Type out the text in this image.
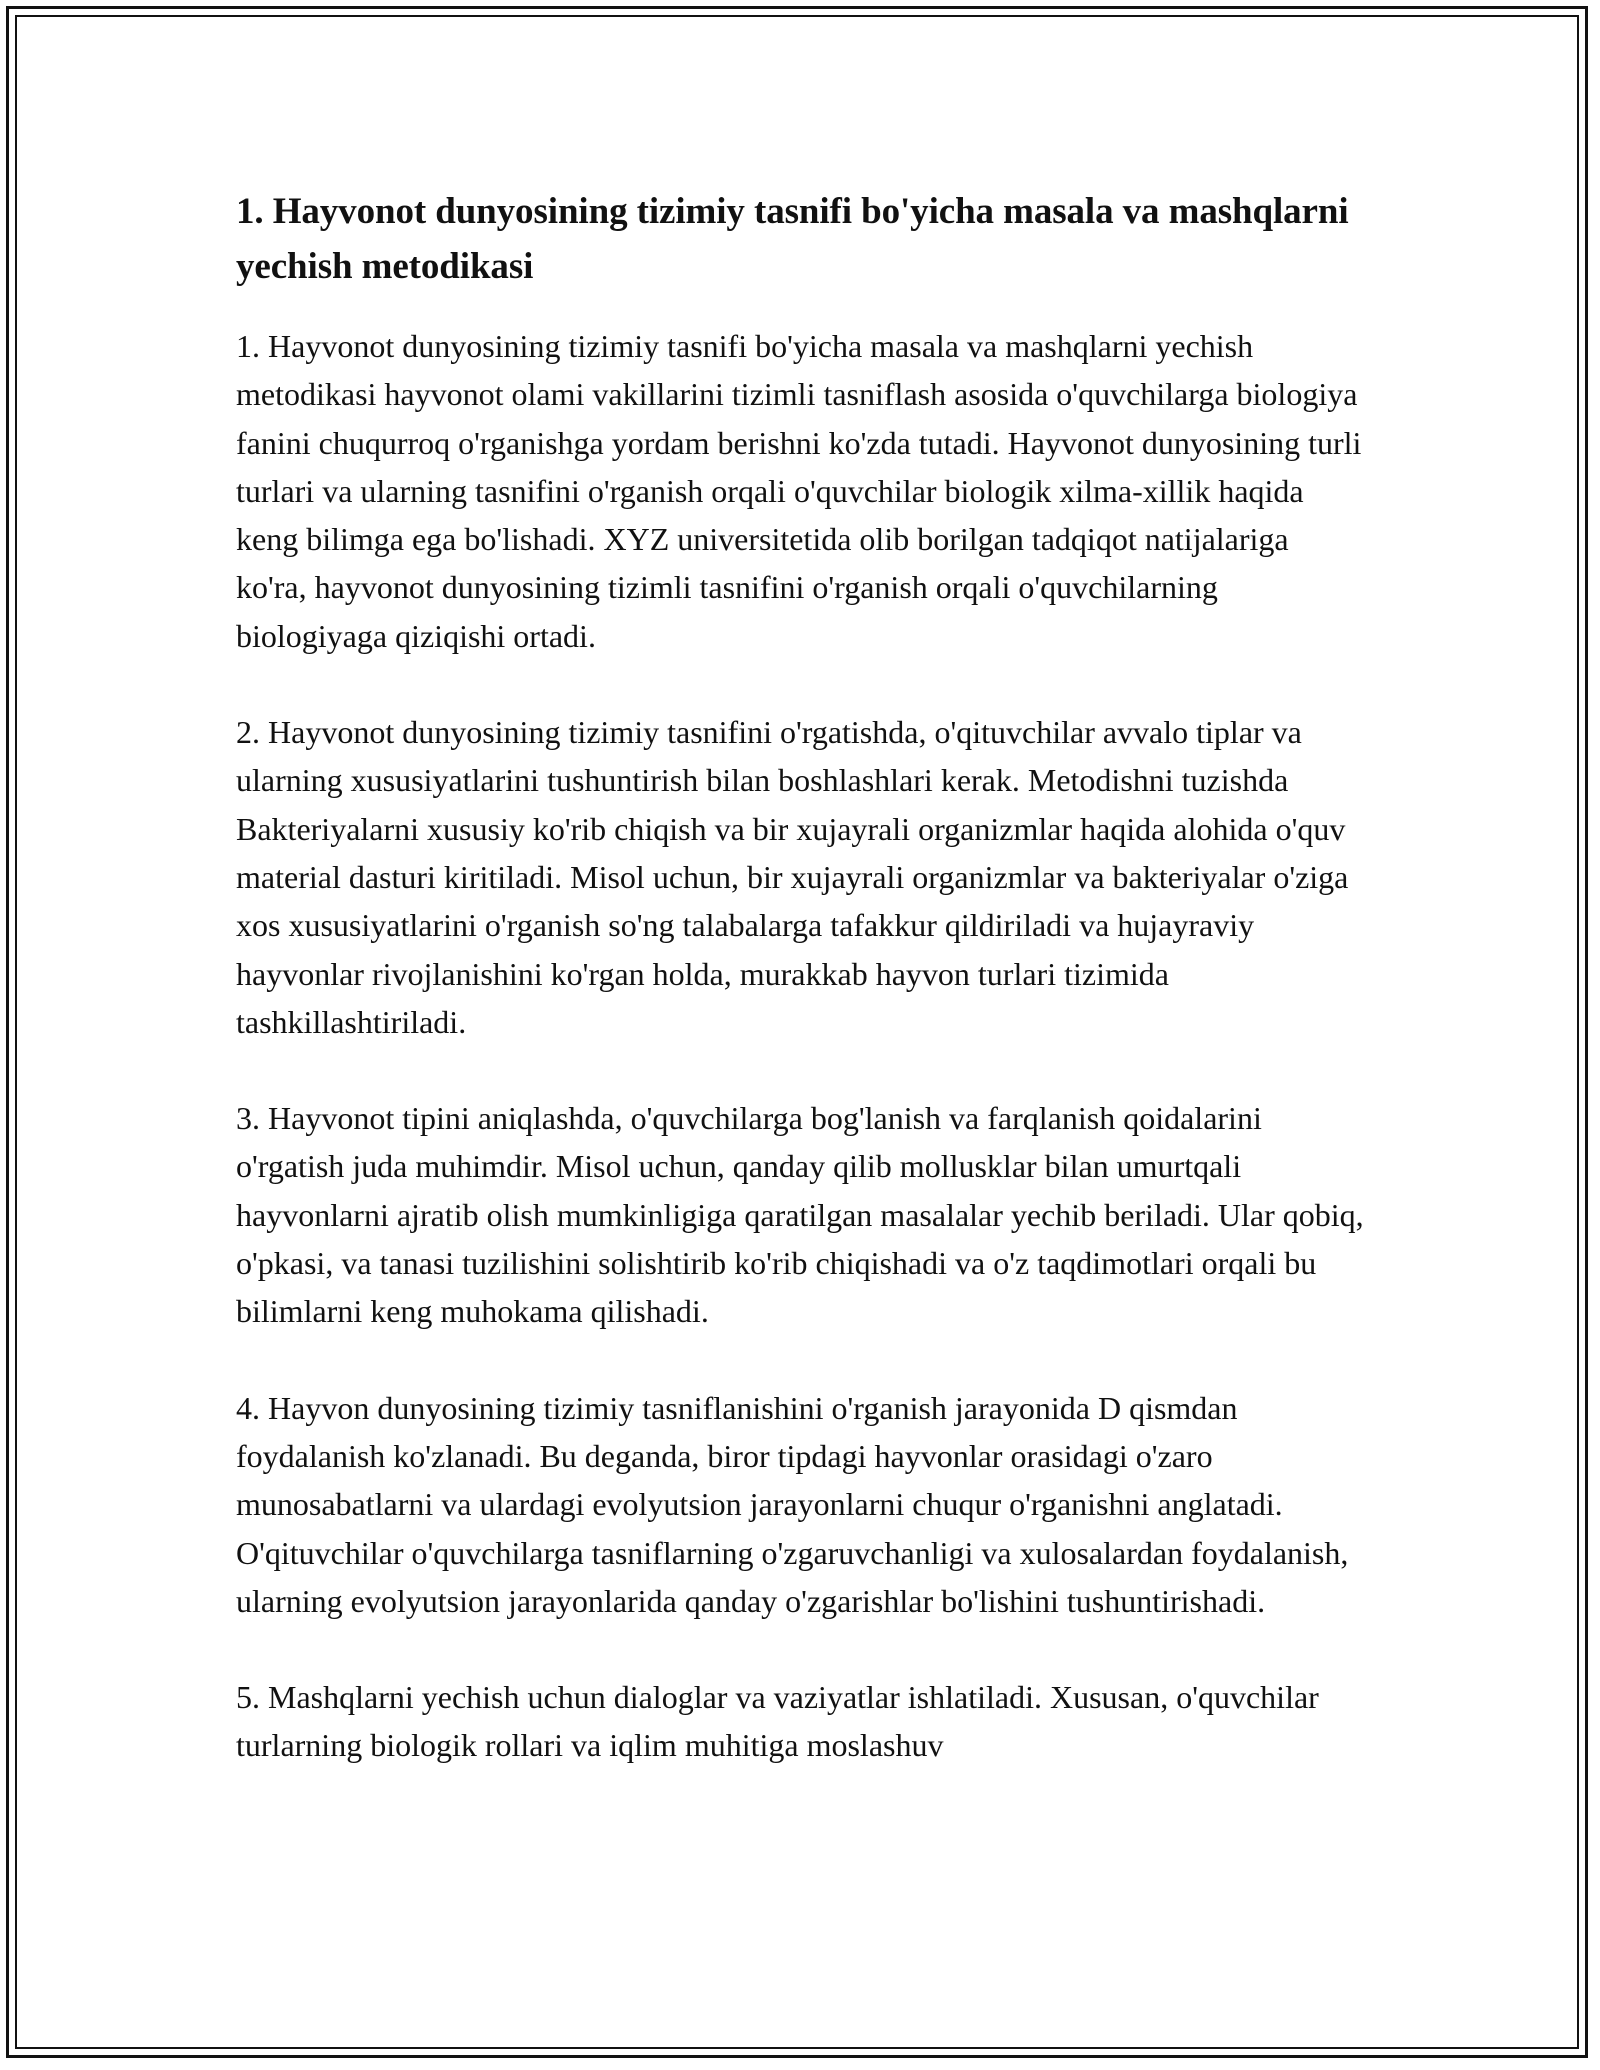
1. Hayvonot dunyosining tizimiy tasnifi bo'yicha masala va mashqlarni yechish metodikasi

1. Hayvonot dunyosining tizimiy tasnifi bo'yicha masala va mashqlarni yechish metodikasi hayvonot olami vakillarini tizimli tasniflash asosida o'quvchilarga biologiya fanini chuqurroq o'rganishga yordam berishni ko'zda tutadi. Hayvonot dunyosining turli turlari va ularning tasnifini o'rganish orqali o'quvchilar biologik xilma-xillik haqida keng bilimga ega bo'lishadi. XYZ universitetida olib borilgan tadqiqot natijalariga ko'ra, hayvonot dunyosining tizimli tasnifini o'rganish orqali o'quvchilarning biologiyaga qiziqishi ortadi.

2. Hayvonot dunyosining tizimiy tasnifini o'rgatishda, o'qituvchilar avvalo tiplar va ularning xususiyatlarini tushuntirish bilan boshlashlari kerak. Metodishni tuzishda Bakteriyalarni xususiy ko'rib chiqish va bir xujayrali organizmlar haqida alohida o'quv material dasturi kiritiladi. Misol uchun, bir xujayrali organizmlar va bakteriyalar o'ziga xos xususiyatlarini o'rganish so'ng talabalarga tafakkur qildiriladi va hujayraviy hayvonlar rivojlanishini ko'rgan holda, murakkab hayvon turlari tizimida tashkillashtiriladi.

3. Hayvonot tipini aniqlashda, o'quvchilarga bog'lanish va farqlanish qoidalarini o'rgatish juda muhimdir. Misol uchun, qanday qilib mollusklar bilan umurtqali hayvonlarni ajratib olish mumkinligiga qaratilgan masalalar yechib beriladi. Ular qobiq, o'pkasi, va tanasi tuzilishini solishtirib ko'rib chiqishadi va o'z taqdimotlari orqali bu bilimlarni keng muhokama qilishadi.

4. Hayvon dunyosining tizimiy tasniflanishini o'rganish jarayonida D qismdan foydalanish ko'zlanadi. Bu deganda, biror tipdagi hayvonlar orasidagi o'zaro munosabatlarni va ulardagi evolyutsion jarayonlarni chuqur o'rganishni anglatadi. O'qituvchilar o'quvchilarga tasniflarning o'zgaruvchanligi va xulosalardan foydalanish, ularning evolyutsion jarayonlarida qanday o'zgarishlar bo'lishini tushuntirishadi.

5. Mashqlarni yechish uchun dialoglar va vaziyatlar ishlatiladi. Xususan, o'quvchilar turlarning biologik rollari va iqlim muhitiga moslashuv
